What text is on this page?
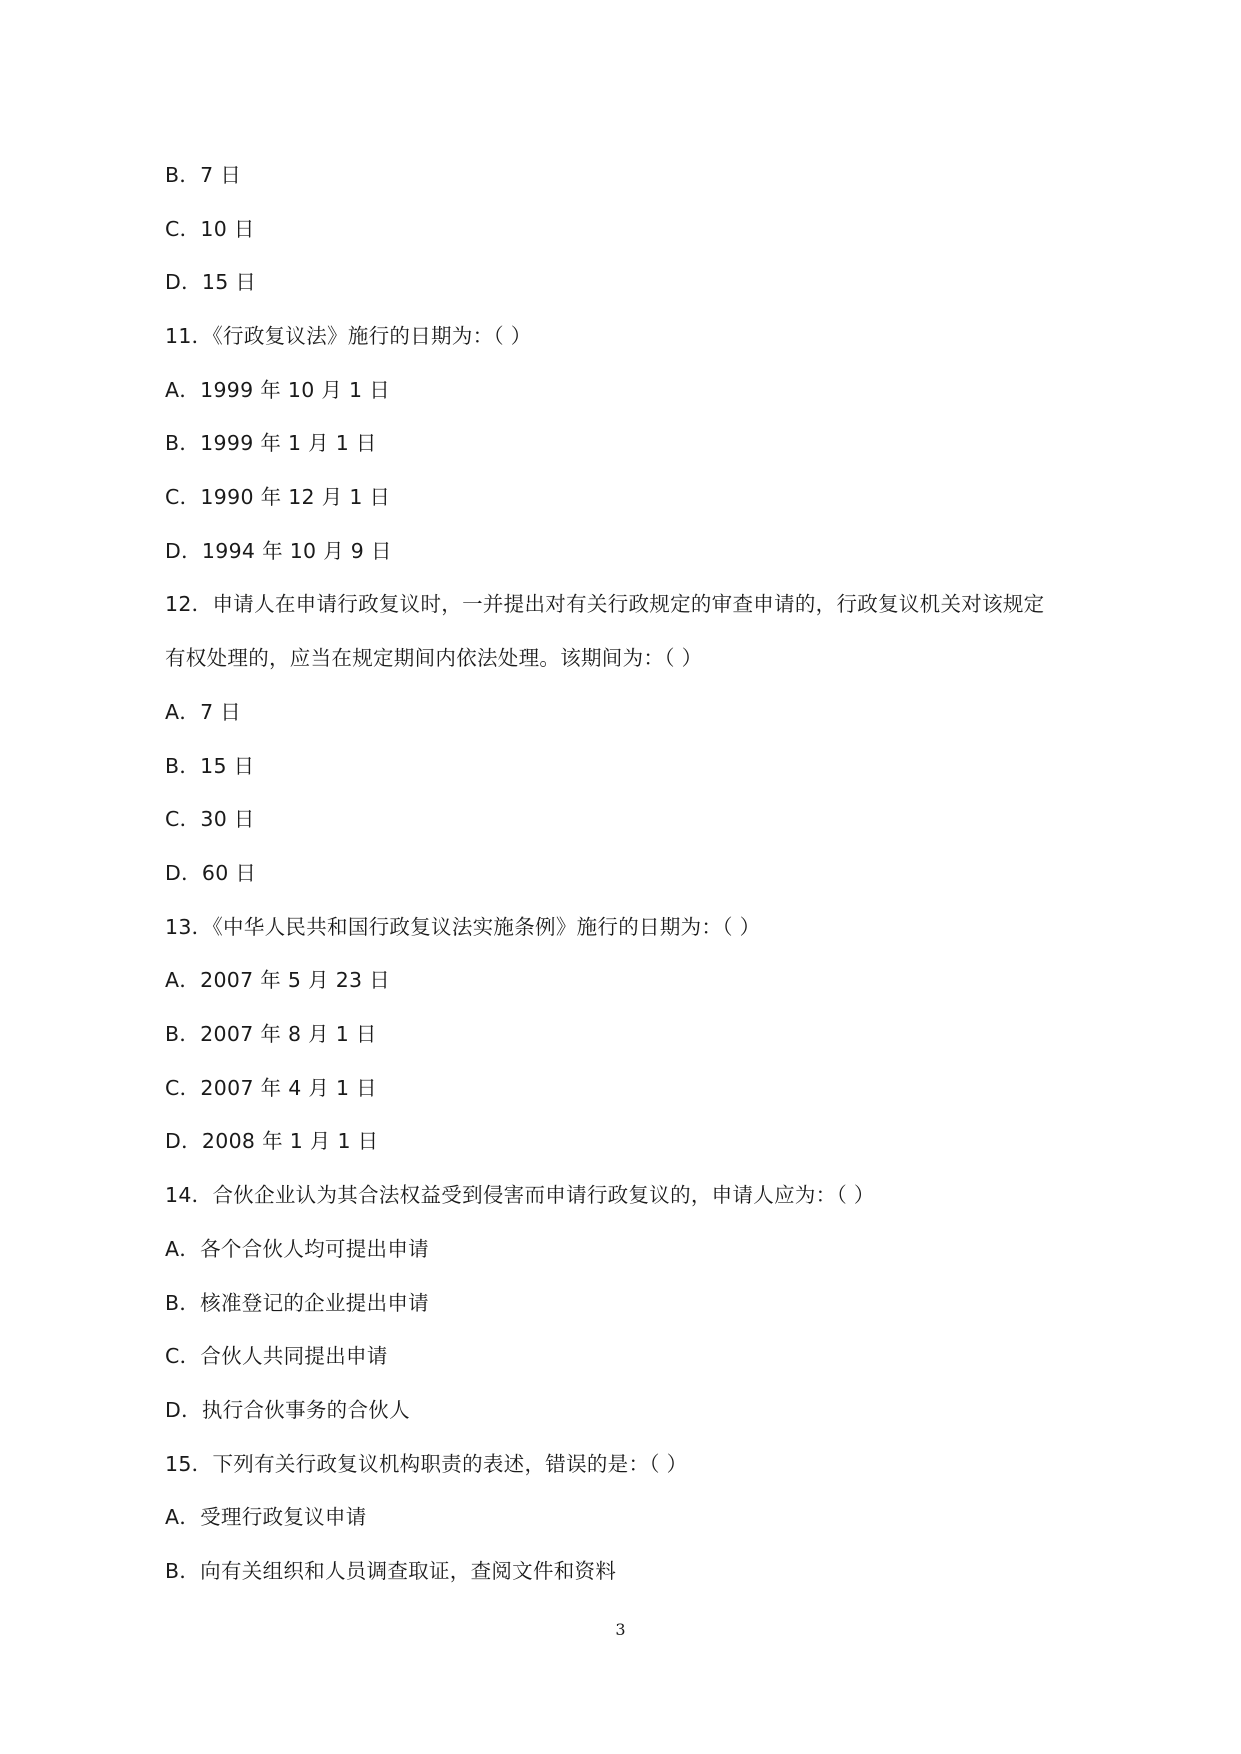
B．7 日
C．10 日
D．15 日
11．《行政复议法》施行的日期为：（ ）
A．1999 年 10 月 1 日
B．1999 年 1 月 1 日
C．1990 年 12 月 1 日
D．1994 年 10 月 9 日
12．申请人在申请行政复议时，一并提出对有关行政规定的审查申请的，行政复议机关对该规定
有权处理的，应当在规定期间内依法处理。该期间为：（ ）
A．7 日
B．15 日
C．30 日
D．60 日
13．《中华人民共和国行政复议法实施条例》施行的日期为：（ ）
A．2007 年 5 月 23 日
B．2007 年 8 月 1 日
C．2007 年 4 月 1 日
D．2008 年 1 月 1 日
14．合伙企业认为其合法权益受到侵害而申请行政复议的，申请人应为：（ ）
A．各个合伙人均可提出申请
B．核准登记的企业提出申请
C．合伙人共同提出申请
D．执行合伙事务的合伙人
15．下列有关行政复议机构职责的表述，错误的是：（ ）
A．受理行政复议申请
B．向有关组织和人员调查取证，查阅文件和资料
3
